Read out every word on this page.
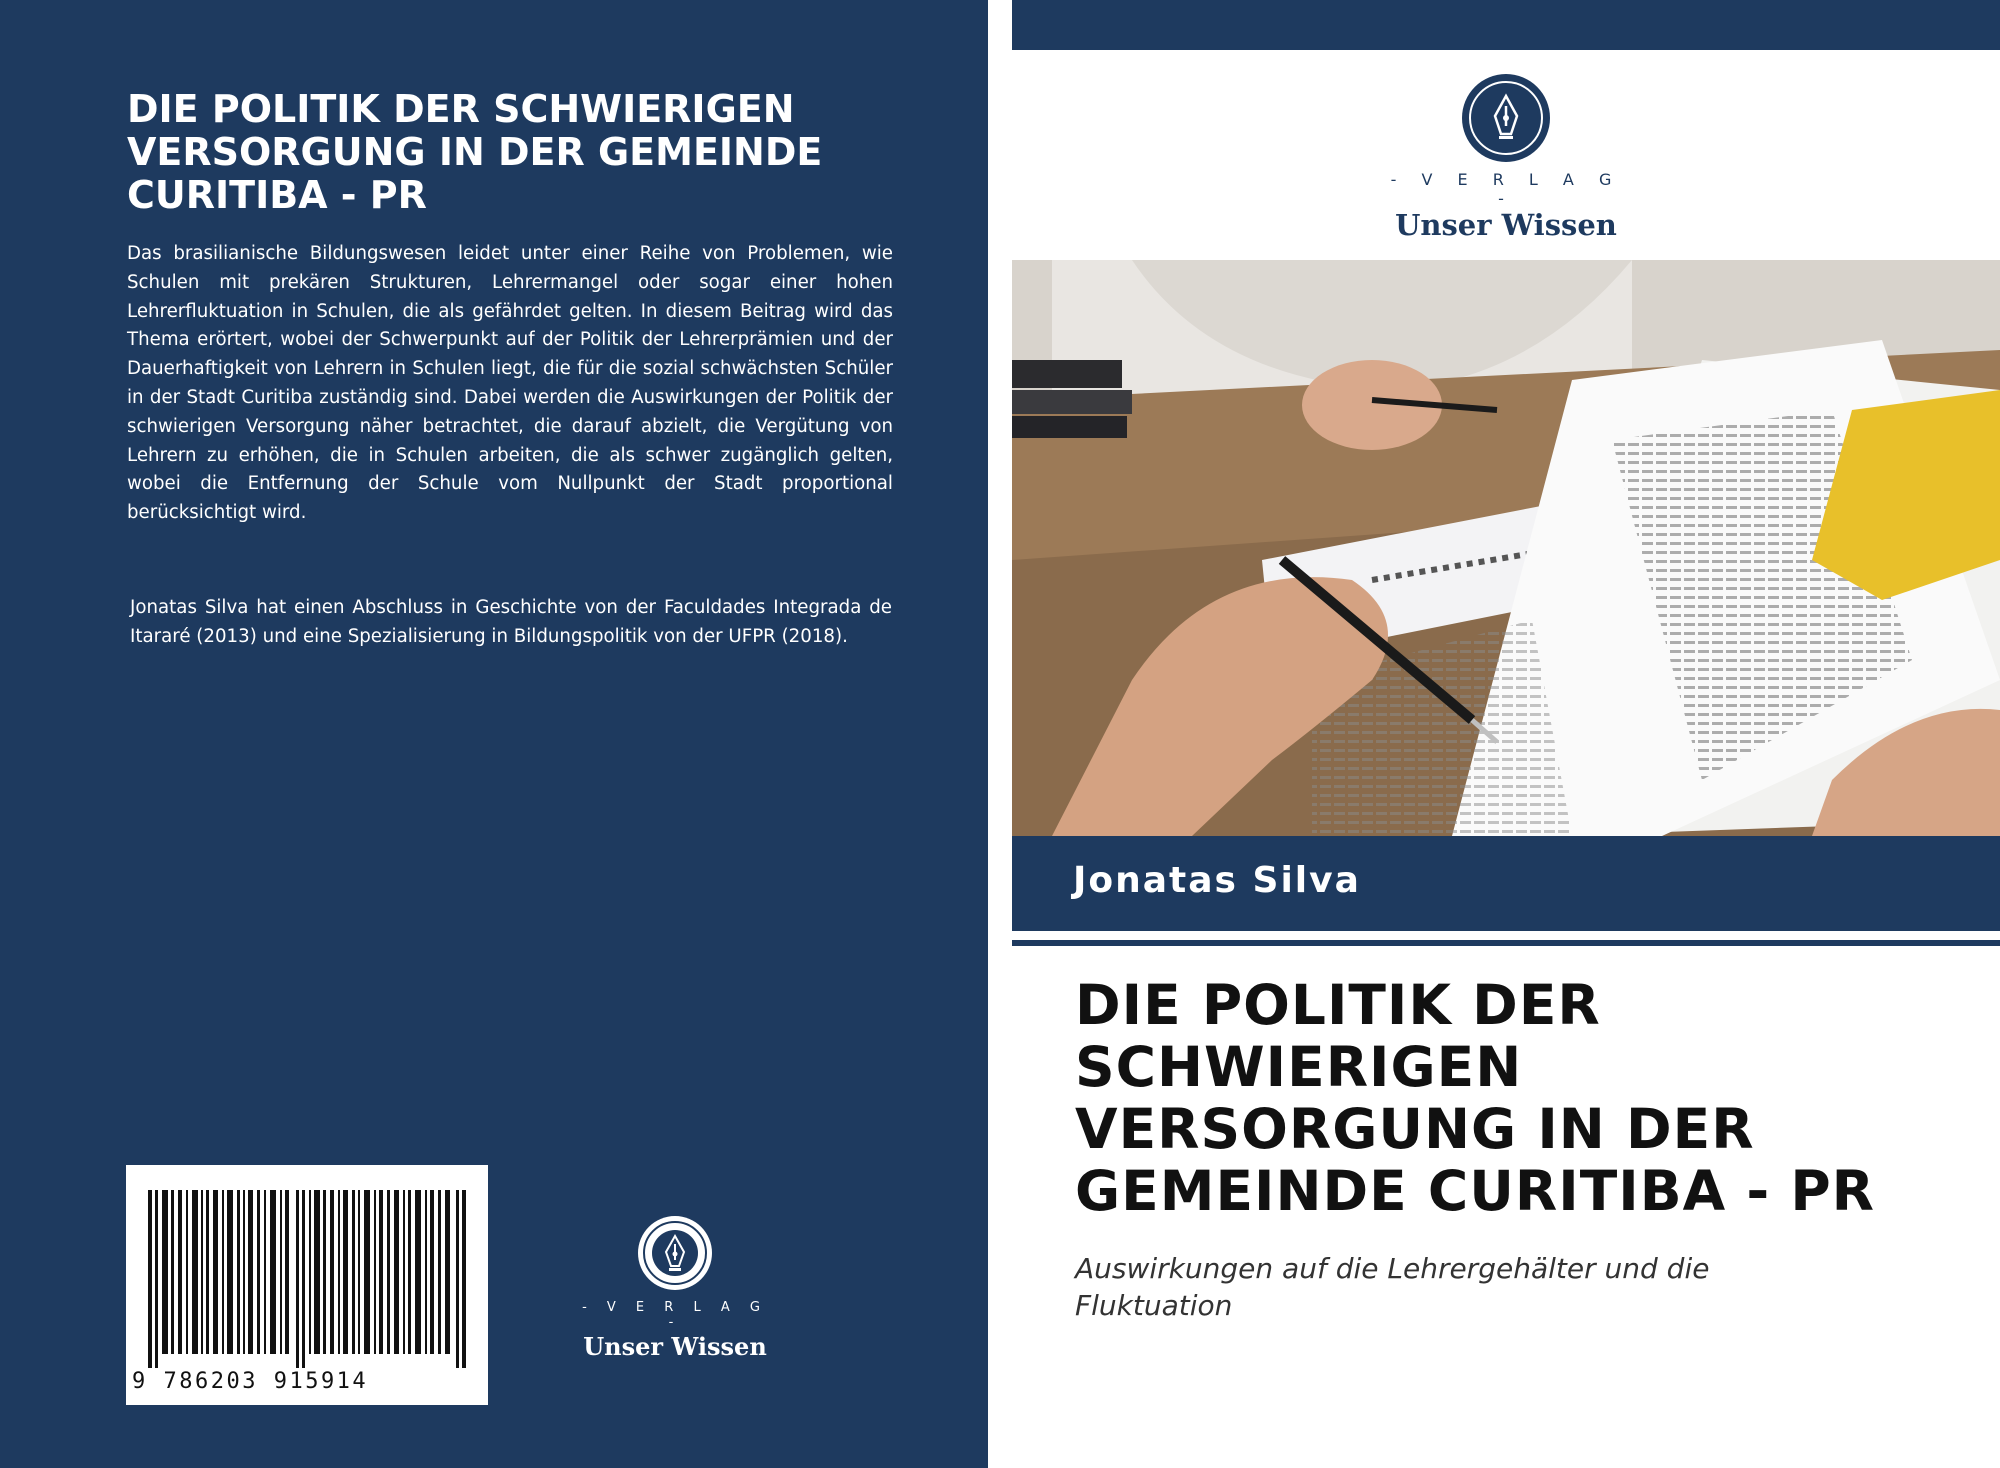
DIE POLITIK DER SCHWIERIGEN VERSORGUNG IN DER GEMEINDE CURITIBA - PR

Das brasilianische Bildungswesen leidet unter einer Reihe von Problemen, wie Schulen mit prekären Strukturen, Lehrermangel oder sogar einer hohen Lehrerfluktuation in Schulen, die als gefährdet gelten. In diesem Beitrag wird das Thema erörtert, wobei der Schwerpunkt auf der Politik der Lehrerprämien und der Dauerhaftigkeit von Lehrern in Schulen liegt, die für die sozial schwächsten Schüler in der Stadt Curitiba zuständig sind. Dabei werden die Auswirkungen der Politik der schwierigen Versorgung näher betrachtet, die darauf abzielt, die Vergütung von Lehrern zu erhöhen, die in Schulen arbeiten, die als schwer zugänglich gelten, wobei die Entfernung der Schule vom Nullpunkt der Stadt proportional berücksichtigt wird.

Jonatas Silva hat einen Abschluss in Geschichte von der Faculdades Integrada de Itararé (2013) und eine Spezialisierung in Bildungspolitik von der UFPR (2018).

9 786203 915914
- V E R L A G -
Unser Wissen
- V E R L A G -
Unser Wissen

Jonatas Silva

DIE POLITIK DER SCHWIERIGEN VERSORGUNG IN DER GEMEINDE CURITIBA - PR

Auswirkungen auf die Lehrergehälter und die Fluktuation
